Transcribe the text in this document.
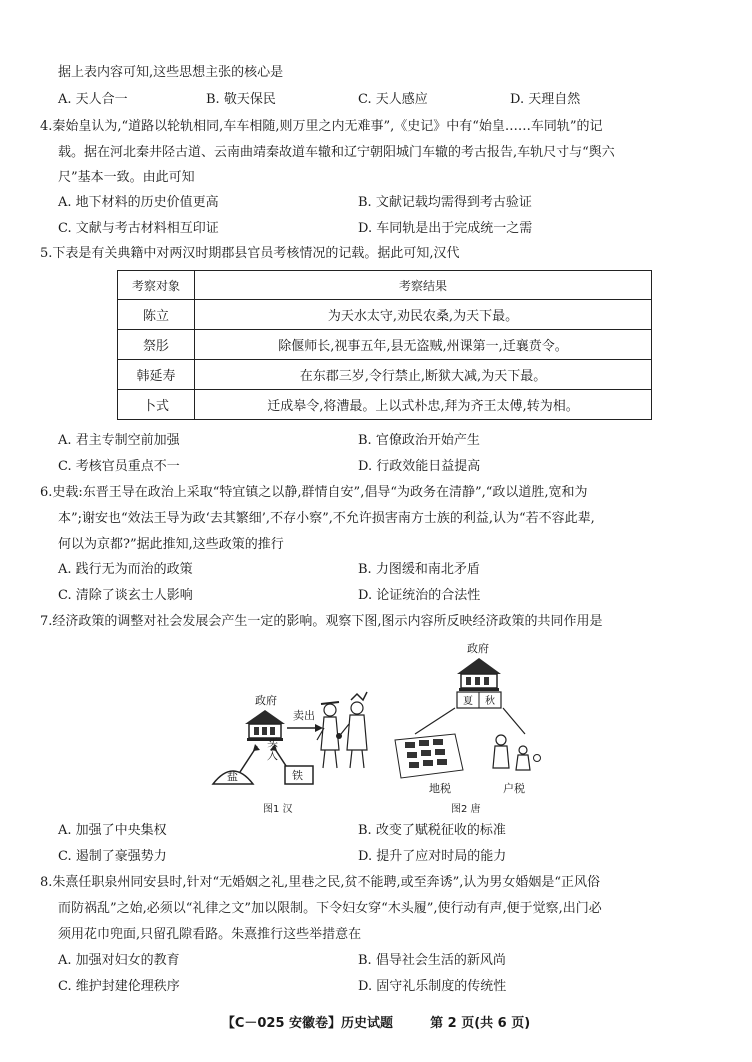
据上表内容可知,这些思想主张的核心是
A. 天人合一	B. 敬天保民	C. 天人感应	D. 天理自然
4.秦始皇认为,“道路以轮轨相同,车车相随,则万里之内无难事”,《史记》中有“始皇……车同轨”的记
载。据在河北秦井陉古道、云南曲靖秦故道车辙和辽宁朝阳城门车辙的考古报告,车轨尺寸与“舆六
尺”基本一致。由此可知
A. 地下材料的历史价值更高	B. 文献记载均需得到考古验证
C. 文献与考古材料相互印证	D. 车同轨是出于完成统一之需
5.下表是有关典籍中对两汉时期郡县官员考核情况的记载。据此可知,汉代
考察对象	考察结果
陈立	为天水太守,劝民农桑,为天下最。
祭肜	除偃师长,视事五年,县无盗贼,州课第一,迁襄贲令。
韩延寿	在东郡三岁,令行禁止,断狱大减,为天下最。
卜式	迁成皋令,将漕最。上以式朴忠,拜为齐王太傅,转为相。
A. 君主专制空前加强	B. 官僚政治开始产生
C. 考核官员重点不一	D. 行政效能日益提高
6.史载:东晋王导在政治上采取“特宜镇之以静,群情自安”,倡导“为政务在清静”,“政以道胜,宽和为
本”;谢安也“效法王导为政‘去其繁细’,不存小察”,不允许损害南方士族的利益,认为“若不容此辈,
何以为京都?”据此推知,这些政策的推行
A. 践行无为而治的政策	B. 力图缓和南北矛盾
C. 清除了谈玄士人影响	D. 论证统治的合法性
7.经济政策的调整对社会发展会产生一定的影响。观察下图,图示内容所反映经济政策的共同作用是
政府
卖出
买入
盐	铁
图1 汉
政府
夏 秋
地税	户税
图2 唐
A. 加强了中央集权	B. 改变了赋税征收的标准
C. 遏制了豪强势力	D. 提升了应对时局的能力
8.朱熹任职泉州同安县时,针对“无婚姻之礼,里巷之民,贫不能聘,或至奔诱”,认为男女婚姻是“正风俗
而防祸乱”之始,必须以“礼律之文”加以限制。下令妇女穿“木头履”,使行动有声,便于觉察,出门必
须用花巾兜面,只留孔隙看路。朱熹推行这些举措意在
A. 加强对妇女的教育	B. 倡导社会生活的新风尚
C. 维护封建伦理秩序	D. 固守礼乐制度的传统性
【C－025 安徽卷】历史试题	第 2 页(共 6 页)
